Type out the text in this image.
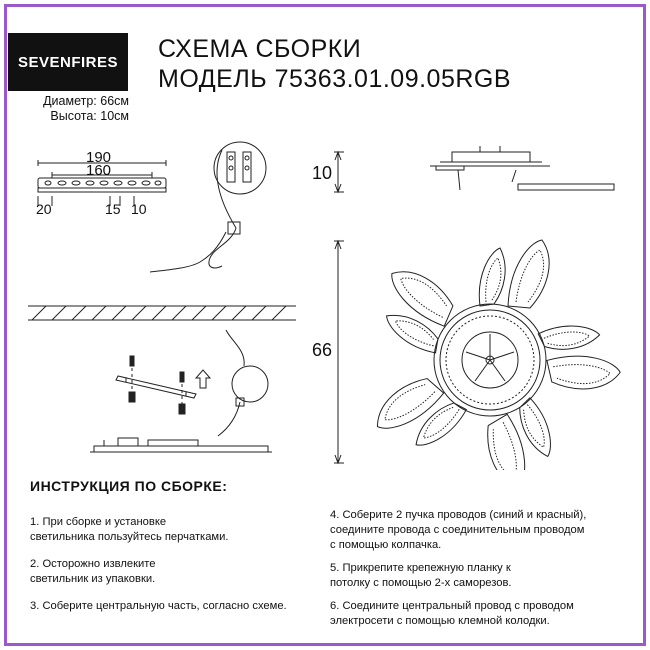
SEVENFIRES СХЕМА СБОРКИ
МОДЕЛЬ 75363.01.09.05RGB
Диаметр: 66см
Высота: 10см
190
160
20	15 10
10
66
ИНСТРУКЦИЯ ПО СБОРКЕ:
1. При сборке и установке
светильника пользуйтесь перчатками.
2. Осторожно извлеките
светильник из упаковки.
3. Соберите центральную часть, согласно схеме.
4. Соберите 2 пучка проводов (синий и красный),
соедините провода с соединительным проводом
с помощью колпачка.
5. Прикрепите крепежную планку к
потолку с помощью 2-х саморезов.
6. Соедините центральный провод с проводом
электросети с помощью клемной колодки.
